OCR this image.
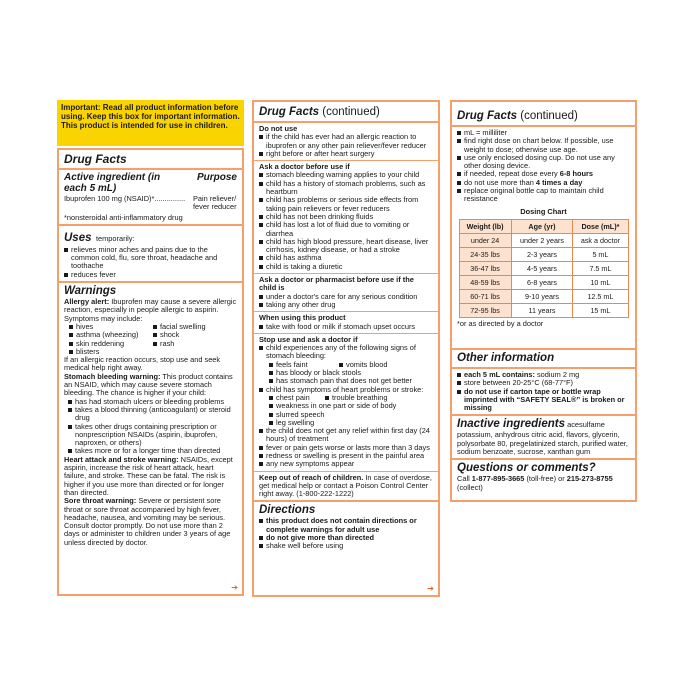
Important: Read all product information before using. Keep this box for important information. This product is intended for use in children.

Drug Facts

Active ingredient (in each 5 mL)
Purpose
Ibuprofen 100 mg (NSAID)*............... Pain reliever/ fever reducer
*nonsteroidal anti-inflammatory drug
Uses temporarily:
relieves minor aches and pains due to the common cold, flu, sore throat, headache and toothache
reduces fever

Warnings

Allergy alert: Ibuprofen may cause a severe allergic reaction, especially in people allergic to aspirin. Symptoms may include:
hives	facial swelling
asthma (wheezing)	shock
skin reddening	rash
blisters
If an allergic reaction occurs, stop use and seek medical help right away.
Stomach bleeding warning: This product contains an NSAID, which may cause severe stomach bleeding. The chance is higher if your child:
has had stomach ulcers or bleeding problems
takes a blood thinning (anticoagulant) or steroid drug
takes other drugs containing prescription or nonprescription NSAIDs (aspirin, ibuprofen, naproxen, or others)
takes more or for a longer time than directed
Heart attack and stroke warning: NSAIDs, except aspirin, increase the risk of heart attack, heart failure, and stroke. These can be fatal. The risk is higher if you use more than directed or for longer than directed.
Sore throat warning: Severe or persistent sore throat or sore throat accompanied by high fever, headache, nausea, and vomiting may be serious. Consult doctor promptly. Do not use more than 2 days or administer to children under 3 years of age unless directed by doctor.
➔

Drug Facts (continued)

Do not use
if the child has ever had an allergic reaction to ibuprofen or any other pain reliever/fever reducer
right before or after heart surgery
Ask a doctor before use if
stomach bleeding warning applies to your child
child has a history of stomach problems, such as heartburn
child has problems or serious side effects from taking pain relievers or fever reducers
child has not been drinking fluids
child has lost a lot of fluid due to vomiting or diarrhea
child has high blood pressure, heart disease, liver cirrhosis, kidney disease, or had a stroke
child has asthma
child is taking a diuretic
Ask a doctor or pharmacist before use if the child is
under a doctor's care for any serious condition
taking any other drug
When using this product
take with food or milk if stomach upset occurs
Stop use and ask a doctor if
child experiences any of the following signs of stomach bleeding:
feels faint	vomits blood
has bloody or black stools
has stomach pain that does not get better
child has symptoms of heart problems or stroke:
chest pain	trouble breathing
weakness in one part or side of body
slurred speech
leg swelling
the child does not get any relief within first day (24 hours) of treatment
fever or pain gets worse or lasts more than 3 days
redness or swelling is present in the painful area
any new symptoms appear
Keep out of reach of children. In case of overdose, get medical help or contact a Poison Control Center right away. (1-800-222-1222)

Directions

this product does not contain directions or complete warnings for adult use
do not give more than directed
shake well before using
➔

Drug Facts (continued)

mL = milliliter
find right dose on chart below. If possible, use weight to dose; otherwise use age.
use only enclosed dosing cup. Do not use any other dosing device.
if needed, repeat dose every 6-8 hours
do not use more than 4 times a day
replace original bottle cap to maintain child resistance
Dosing Chart
Weight (lb)	Age (yr)	Dose (mL)*
under 24	under 2 years	ask a doctor
24-35 lbs	2-3 years	5 mL
36-47 lbs	4-5 years	7.5 mL
48-59 lbs	6-8 years	10 mL
60-71 lbs	9-10 years	12.5 mL
72-95 lbs	11 years	15 mL
*or as directed by a doctor

Other information

each 5 mL contains: sodium 2 mg
store between 20-25°C (68-77°F)
do not use if carton tape or bottle wrap imprinted with “SAFETY SEAL®” is broken or missing
Inactive ingredients acesulfame potassium, anhydrous citric acid, flavors, glycerin, polysorbate 80, pregelatinized starch, purified water, sodium benzoate, sucrose, xanthan gum

Questions or comments?

Call 1-877-895-3665 (toll-free) or 215-273-8755 (collect)
